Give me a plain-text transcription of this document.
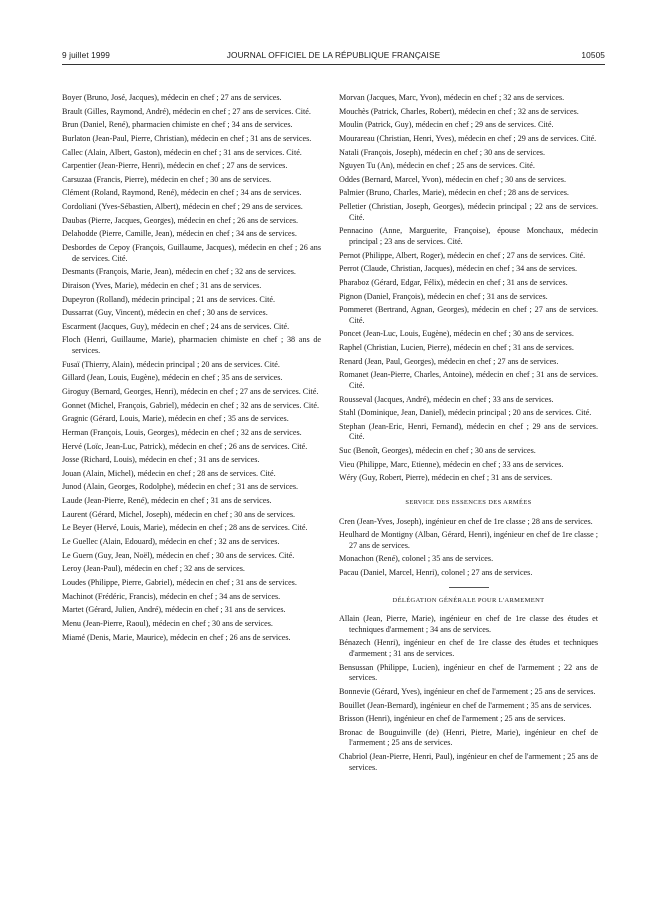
9 juillet 1999	JOURNAL OFFICIEL DE LA RÉPUBLIQUE FRANÇAISE	10505

Boyer (Bruno, José, Jacques), médecin en chef ; 27 ans de services.

Brault (Gilles, Raymond, André), médecin en chef ; 27 ans de services. Cité.

Brun (Daniel, René), pharmacien chimiste en chef ; 34 ans de services.

Burlaton (Jean-Paul, Pierre, Christian), médecin en chef ; 31 ans de services.

Callec (Alain, Albert, Gaston), médecin en chef ; 31 ans de services. Cité.

Carpentier (Jean-Pierre, Henri), médecin en chef ; 27 ans de services.

Carsuzaa (Francis, Pierre), médecin en chef ; 30 ans de services.

Clément (Roland, Raymond, René), médecin en chef ; 34 ans de services.

Cordoliani (Yves-Sébastien, Albert), médecin en chef ; 29 ans de services.

Daubas (Pierre, Jacques, Georges), médecin en chef ; 26 ans de services.

Delahodde (Pierre, Camille, Jean), médecin en chef ; 34 ans de services.

Desbordes de Cepoy (François, Guillaume, Jacques), médecin en chef ; 26 ans de services. Cité.

Desmants (François, Marie, Jean), médecin en chef ; 32 ans de services.

Diraison (Yves, Marie), médecin en chef ; 31 ans de services.

Dupeyron (Rolland), médecin principal ; 21 ans de services. Cité.

Dussarrat (Guy, Vincent), médecin en chef ; 30 ans de services.

Escarment (Jacques, Guy), médecin en chef ; 24 ans de services. Cité.

Floch (Henri, Guillaume, Marie), pharmacien chimiste en chef ; 38 ans de services.

Fusaï (Thierry, Alain), médecin principal ; 20 ans de services. Cité.

Gillard (Jean, Louis, Eugène), médecin en chef ; 35 ans de services.

Giroguy (Bernard, Georges, Henri), médecin en chef ; 27 ans de services. Cité.

Gonnet (Michel, François, Gabriel), médecin en chef ; 32 ans de services. Cité.

Gragnic (Gérard, Louis, Marie), médecin en chef ; 35 ans de services.

Herman (François, Louis, Georges), médecin en chef ; 32 ans de services.

Hervé (Loïc, Jean-Luc, Patrick), médecin en chef ; 26 ans de services. Cité.

Josse (Richard, Louis), médecin en chef ; 31 ans de services.

Jouan (Alain, Michel), médecin en chef ; 28 ans de services. Cité.

Junod (Alain, Georges, Rodolphe), médecin en chef ; 31 ans de services.

Laude (Jean-Pierre, René), médecin en chef ; 31 ans de services.

Laurent (Gérard, Michel, Joseph), médecin en chef ; 30 ans de services.

Le Beyer (Hervé, Louis, Marie), médecin en chef ; 28 ans de services. Cité.

Le Guellec (Alain, Edouard), médecin en chef ; 32 ans de services.

Le Guern (Guy, Jean, Noël), médecin en chef ; 30 ans de services. Cité.

Leroy (Jean-Paul), médecin en chef ; 32 ans de services.

Loudes (Philippe, Pierre, Gabriel), médecin en chef ; 31 ans de services.

Machinot (Frédéric, Francis), médecin en chef ; 34 ans de services.

Martet (Gérard, Julien, André), médecin en chef ; 31 ans de services.

Menu (Jean-Pierre, Raoul), médecin en chef ; 30 ans de services.

Miamé (Denis, Marie, Maurice), médecin en chef ; 26 ans de services.

Morvan (Jacques, Marc, Yvon), médecin en chef ; 32 ans de services.

Mouchès (Patrick, Charles, Robert), médecin en chef ; 32 ans de services.

Moulin (Patrick, Guy), médecin en chef ; 29 ans de services. Cité.

Mourareau (Christian, Henri, Yves), médecin en chef ; 29 ans de services. Cité.

Natali (François, Joseph), médecin en chef ; 30 ans de services.

Nguyen Tu (An), médecin en chef ; 25 ans de services. Cité.

Oddes (Bernard, Marcel, Yvon), médecin en chef ; 30 ans de services.

Palmier (Bruno, Charles, Marie), médecin en chef ; 28 ans de services.

Pelletier (Christian, Joseph, Georges), médecin principal ; 22 ans de services. Cité.

Pennacino (Anne, Marguerite, Françoise), épouse Monchaux, médecin principal ; 23 ans de services. Cité.

Pernot (Philippe, Albert, Roger), médecin en chef ; 27 ans de services. Cité.

Perrot (Claude, Christian, Jacques), médecin en chef ; 34 ans de services.

Pharaboz (Gérard, Edgar, Félix), médecin en chef ; 31 ans de services.

Pignon (Daniel, François), médecin en chef ; 31 ans de services.

Pommeret (Bertrand, Agnan, Georges), médecin en chef ; 27 ans de services. Cité.

Poncet (Jean-Luc, Louis, Eugène), médecin en chef ; 30 ans de services.

Raphel (Christian, Lucien, Pierre), médecin en chef ; 31 ans de services.

Renard (Jean, Paul, Georges), médecin en chef ; 27 ans de services.

Romanet (Jean-Pierre, Charles, Antoine), médecin en chef ; 31 ans de services. Cité.

Rousseval (Jacques, André), médecin en chef ; 33 ans de services.

Stahl (Dominique, Jean, Daniel), médecin principal ; 20 ans de services. Cité.

Stephan (Jean-Eric, Henri, Fernand), médecin en chef ; 29 ans de services. Cité.

Suc (Benoît, Georges), médecin en chef ; 30 ans de services.

Vieu (Philippe, Marc, Etienne), médecin en chef ; 33 ans de services.

Wéry (Guy, Robert, Pierre), médecin en chef ; 31 ans de services.

SERVICE DES ESSENCES DES ARMÉES

Cren (Jean-Yves, Joseph), ingénieur en chef de 1re classe ; 28 ans de services.

Heulhard de Montigny (Alban, Gérard, Henri), ingénieur en chef de 1re classe ; 27 ans de services.

Monachon (René), colonel ; 35 ans de services.

Pacau (Daniel, Marcel, Henri), colonel ; 27 ans de services.

DÉLÉGATION GÉNÉRALE POUR L'ARMEMENT

Allain (Jean, Pierre, Marie), ingénieur en chef de 1re classe des études et techniques d'armement ; 34 ans de services.

Bénazech (Henri), ingénieur en chef de 1re classe des études et techniques d'armement ; 31 ans de services.

Bensussan (Philippe, Lucien), ingénieur en chef de l'armement ; 22 ans de services.

Bonnevie (Gérard, Yves), ingénieur en chef de l'armement ; 25 ans de services.

Bouillet (Jean-Bernard), ingénieur en chef de l'armement ; 35 ans de services.

Brisson (Henri), ingénieur en chef de l'armement ; 25 ans de services.

Bronac de Bouguinville (de) (Henri, Pietre, Marie), ingénieur en chef de l'armement ; 25 ans de services.

Chabriol (Jean-Pierre, Henri, Paul), ingénieur en chef de l'armement ; 25 ans de services.
